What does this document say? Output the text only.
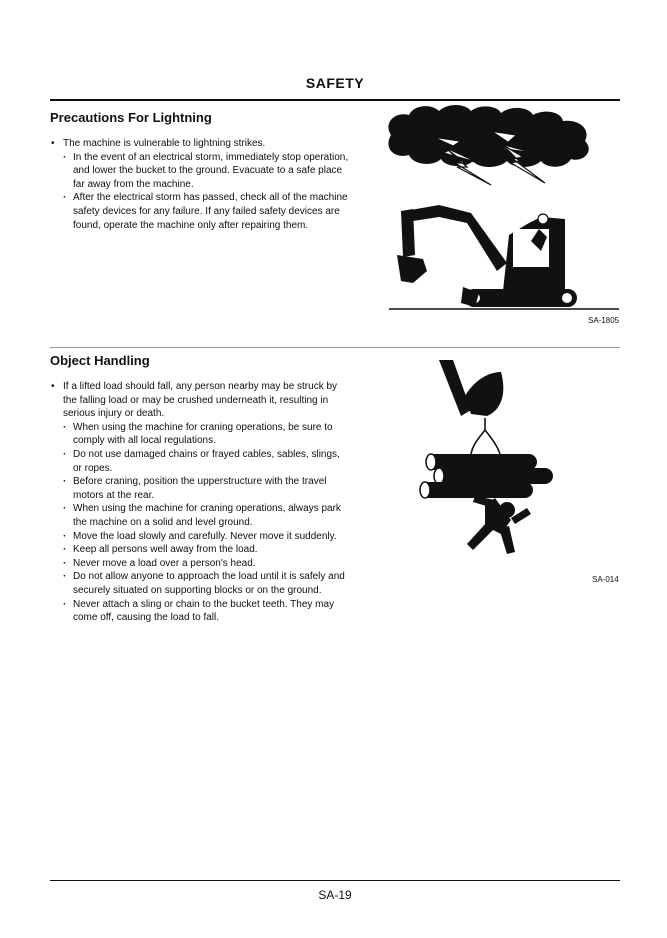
SAFETY
Precautions For Lightning
• The machine is vulnerable to lightning strikes.
· In the event of an electrical storm, immediately stop operation, and lower the bucket to the ground. Evacuate to a safe place far away from the machine.
· After the electrical storm has passed, check all of the machine safety devices for any failure. If any failed safety devices are found, operate the machine only after repairing them.
SA-1805
Object Handling
• If a lifted load should fall, any person nearby may be struck by the falling load or may be crushed underneath it, resulting in serious injury or death.
· When using the machine for craning operations, be sure to comply with all local regulations.
· Do not use damaged chains or frayed cables, sables, slings, or ropes.
· Before craning, position the upperstructure with the travel motors at the rear.
· When using the machine for craning operations, always park the machine on a solid and level ground.
· Move the load slowly and carefully. Never move it suddenly.
· Keep all persons well away from the load.
· Never move a load over a person's head.
· Do not allow anyone to approach the load until it is safely and securely situated on supporting blocks or on the ground.
· Never attach a sling or chain to the bucket teeth. They may come off, causing the load to fall.
SA-014
SA-19
